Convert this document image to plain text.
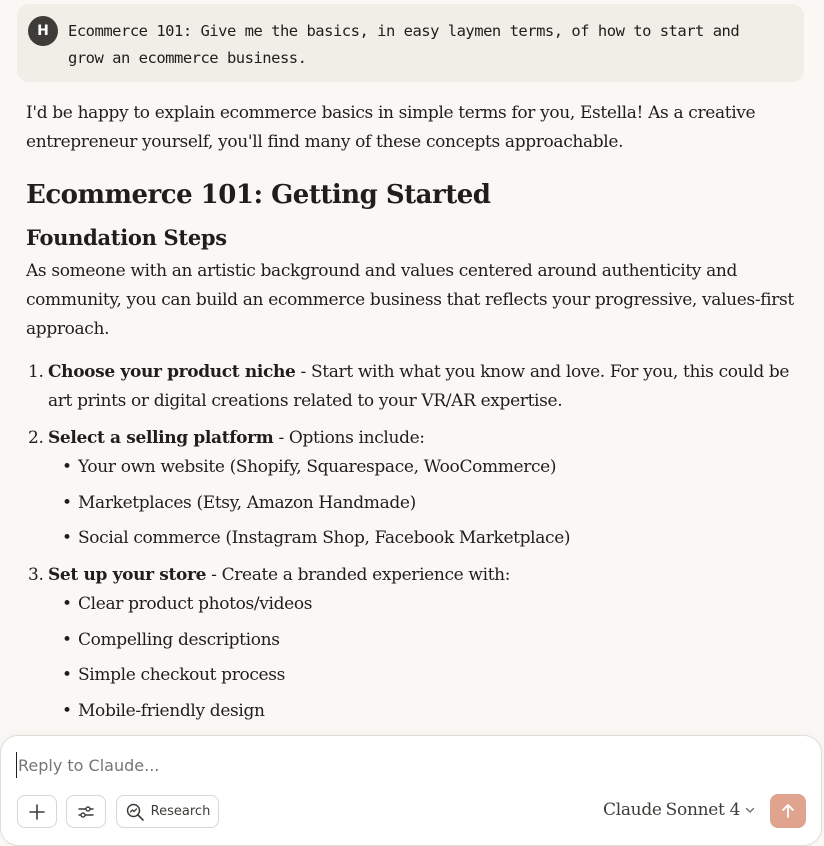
H	Ecommerce 101: Give me the basics, in easy laymen terms, of how to start and grow an ecommerce business.
I'd be happy to explain ecommerce basics in simple terms for you, Estella! As a creative entrepreneur yourself, you'll find many of these concepts approachable.
Ecommerce 101: Getting Started
Foundation Steps
As someone with an artistic background and values centered around authenticity and community, you can build an ecommerce business that reflects your progressive, values-first approach.
1. Choose your product niche - Start with what you know and love. For you, this could be art prints or digital creations related to your VR/AR expertise.
2. Select a selling platform - Options include:
• Your own website (Shopify, Squarespace, WooCommerce)
• Marketplaces (Etsy, Amazon Handmade)
• Social commerce (Instagram Shop, Facebook Marketplace)
3. Set up your store - Create a branded experience with:
• Clear product photos/videos
• Compelling descriptions
• Simple checkout process
• Mobile-friendly design
Reply to Claude...
Research	Claude Sonnet 4
